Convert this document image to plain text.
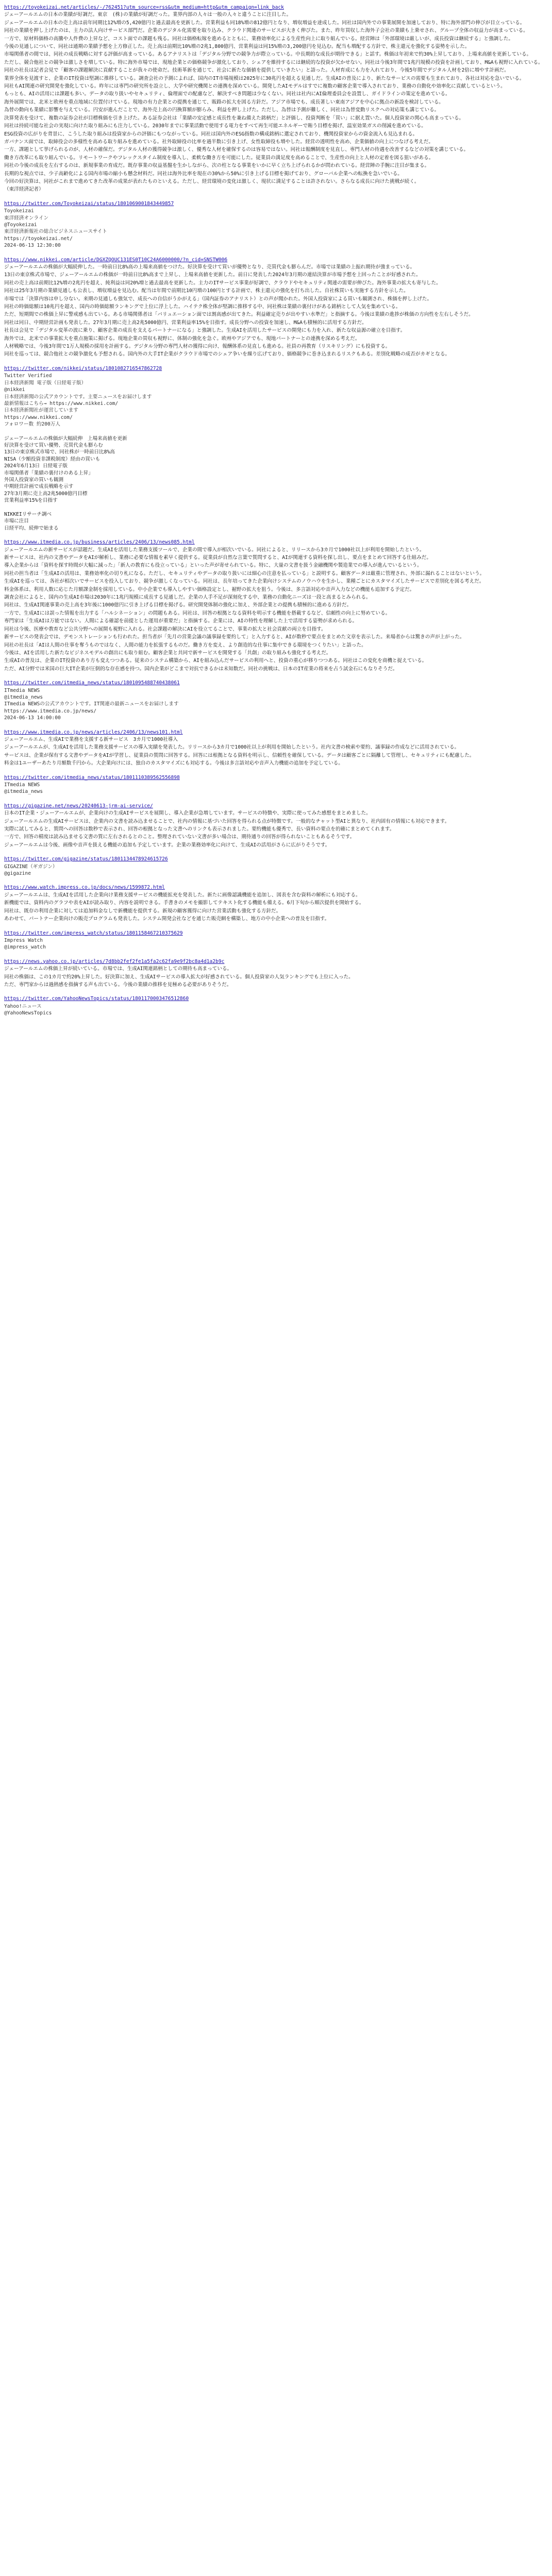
https://toyokeizai.net/articles/-/762451?utm_source=rss&utm_medium=http&utm_campaign=link_back
ジェーアールエムの日本の業績が好調だ。東京　(株)の業績が好調だった。業界内部の人々は一般の人々と違うことに注目した。
ジェーアールエムの日本の売上高は前年同期比12%増の5,420億円と過去最高を更新した。営業利益も同18%増の812億円となり、増収増益を達成した。同社は国内外での事業展開を加速しており、特に海外部門の伸びが目立っている。
同社の業績を押し上げたのは、主力の法人向けサービス部門だ。企業のデジタル化需要を取り込み、クラウド関連のサービスが大きく伸びた。また、昨年買収した海外子会社の業績も上乗せされ、グループ全体の収益力が高まっている。
一方で、原材料価格の高騰や人件費の上昇など、コスト面での課題も残る。同社は価格転嫁を進めるとともに、業務効率化による生産性向上に取り組んでいる。経営陣は「外部環境は厳しいが、成長投資は継続する」と強調した。
今後の見通しについて、同社は通期の業績予想を上方修正した。売上高は前期比10%増の2兆1,800億円、営業利益は同15%増の3,200億円を見込む。配当も増配する方針で、株主還元を強化する姿勢を示した。
市場関係者の間では、同社の成長戦略に対する評価が高まっている。あるアナリストは「デジタル分野での競争力が際立っている。中長期的な成長が期待できる」と話す。株価は年初来で約30%上昇しており、上場来高値を更新している。
ただし、競合他社との競争は激しさを増している。特に海外市場では、現地企業との価格競争が激化しており、シェアを維持するには継続的な投資が欠かせない。同社は今後3年間で1兆円規模の投資を計画しており、M&Aも視野に入れている。
同社の社長は記者会見で「顧客の課題解決に貢献することが我々の使命だ。技術革新を通じて、社会に新たな価値を提供していきたい」と語った。人材育成にも力を入れており、今後5年間でデジタル人材を2倍に増やす計画だ。
業界全体を見渡すと、企業のIT投資は堅調に推移している。調査会社の予測によれば、国内のIT市場規模は2025年に30兆円を超える見通しだ。生成AIの普及により、新たなサービスの需要も生まれており、各社は対応を急いでいる。
同社もAI関連の研究開発を強化している。昨年には専門の研究所を設立し、大学や研究機関との連携を深めている。開発したAIモデルはすでに複数の顧客企業で導入されており、業務の自動化や効率化に貢献しているという。
もっとも、AIの活用には課題も多い。データの取り扱いやセキュリティ、倫理面での配慮など、解決すべき問題は少なくない。同社は社内にAI倫理委員会を設置し、ガイドラインの策定を進めている。
海外展開では、北米と欧州を重点地域に位置付けている。現地の有力企業との提携を通じて、販路の拡大を図る方針だ。アジア市場でも、成長著しい東南アジアを中心に拠点の新設を検討している。
為替の動向も業績に影響を与えている。円安が進んだことで、海外売上高の円換算額が膨らみ、利益を押し上げた。ただし、為替は予測が難しく、同社は為替変動リスクへの対応策も講じている。
決算発表を受けて、複数の証券会社が目標株価を引き上げた。ある証券会社は「業績の安定感と成長性を兼ね備えた銘柄だ」と評価し、投資判断を「買い」に据え置いた。個人投資家の関心も高まっている。
同社は持続可能な社会の実現に向けた取り組みにも注力している。2030年までに事業活動で使用する電力をすべて再生可能エネルギーで賄う目標を掲げ、温室効果ガスの削減を進めている。
ESG投資の広がりを背景に、こうした取り組みは投資家からの評価にもつながっている。同社は国内外のESG指数の構成銘柄に選定されており、機関投資家からの資金流入も見込まれる。
ガバナンス面では、取締役会の多様性を高める取り組みを進めている。社外取締役の比率を過半数に引き上げ、女性取締役も増やした。経営の透明性を高め、企業価値の向上につなげる考えだ。
一方、課題として挙げられるのが、人材の確保だ。デジタル人材の獲得競争は激しく、優秀な人材を確保するのは容易ではない。同社は報酬制度を見直し、専門人材の待遇を改善するなどの対策を講じている。
働き方改革にも取り組んでいる。リモートワークやフレックスタイム制度を導入し、柔軟な働き方を可能にした。従業員の満足度を高めることで、生産性の向上と人材の定着を図る狙いがある。
同社の今後の成長を左右するのは、新規事業の育成だ。既存事業の収益基盤を生かしながら、次の柱となる事業をいかに早く立ち上げられるかが問われている。経営陣の手腕に注目が集まる。
長期的な視点では、少子高齢化による国内市場の縮小も懸念材料だ。同社は海外比率を現在の30%から50%に引き上げる目標を掲げており、グローバル企業への転換を急いでいる。
今回の好決算は、同社がこれまで進めてきた改革の成果が表れたものといえる。ただし、経営環境の変化は激しく、現状に満足することは許されない。さらなる成長に向けた挑戦が続く。
（東洋経済記者）
https://twitter.com/Toyokeizai/status/1801069001843449857
Toyokeizai
東洋経済オンライン
@Toyokeizai
東洋経済新報社の総合ビジネスニュースサイト
https://toyokeizai.net/
2024-06-13 12:30:00
https://www.nikkei.com/article/DGXZQOUC131ES0T10C24A6000000/?n_cid=SNSTW006
ジェーアールエムの株価が大幅続伸した。一時前日比8%高の上場来高値をつけた。好決算を受けて買いが優勢となり、売買代金も膨らんだ。市場では業績の上振れ期待が強まっている。
13日の東京株式市場で、ジェーアールエムの株価が一時前日比8%高まで上昇し、上場来高値を更新した。前日に発表した2024年3月期の連結決算が市場予想を上回ったことが好感された。
同社の売上高は前期比12%増の2兆円を超え、純利益は同20%増と過去最高を更新した。主力のITサービス事業が好調で、クラウドやセキュリティ関連の需要が伸びた。海外事業の拡大も寄与した。
同社は25年3月期の業績見通しも公表し、増収増益を見込む。配当は年間で前期比10円増の100円とする計画で、株主還元の強化を打ち出した。自社株買いも実施する方針を示した。
市場では「決算内容は申し分ない。来期の見通しも強気で、成長への自信がうかがえる」（国内証券のアナリスト）との声が聞かれた。外国人投資家による買いも観測され、株価を押し上げた。
同社の時価総額は10兆円を超え、国内の時価総額ランキングで上位に浮上した。ハイテク株全体が堅調に推移する中、同社株は業績の裏付けがある銘柄として人気を集めている。
ただ、短期間での株価上昇に警戒感も出ている。ある市場関係者は「バリュエーション面では割高感が出てきた。利益確定売りが出やすい水準だ」と指摘する。今後は業績の進捗が株価の方向性を左右しそうだ。
同社は同日、中期経営計画も発表した。27年3月期に売上高2兆5000億円、営業利益率15%を目指す。成長分野への投資を加速し、M&Aも積極的に活用する方針だ。
社長は会見で「デジタル変革の波に乗り、顧客企業の成長を支えるパートナーになる」と強調した。生成AIを活用したサービスの開発にも力を入れ、新たな収益源の確立を目指す。
海外では、北米での事業拡大を重点施策に掲げる。現地企業の買収も視野に、体制の強化を急ぐ。欧州やアジアでも、現地パートナーとの連携を深める考えだ。
人材戦略では、今後3年間で1万人規模の採用を計画する。デジタル分野の専門人材の獲得に向け、報酬体系の見直しも進める。社員の再教育（リスキリング）にも投資する。
同社を巡っては、競合他社との競争激化も予想される。国内外の大手IT企業がクラウド市場でのシェア争いを繰り広げており、価格競争に巻き込まれるリスクもある。差別化戦略の成否がカギとなる。
https://twitter.com/nikkei/status/1801082716547862728
Twitter Verified
日本経済新聞 電子版（日経電子版）
@nikkei
日本経済新聞の公式アカウントです。主要ニュースをお届けします
最新情報はこちら→ https://www.nikkei.com/
日本経済新聞社が運営しています
https://www.nikkei.com/
フォロワー数 約200万人
ジェーアールエムの株価が大幅続伸　上場来高値を更新
好決算を受けて買い優勢、売買代金も膨らむ
13日の東京株式市場で、同社株が一時前日比8%高
NISA（少額投資非課税制度）経由の買いも
2024年6月13日 日経電子版
市場関係者「業績の裏付けのある上昇」
外国人投資家の買いも観測
中期経営計画で成長戦略を示す
27年3月期に売上高2兆5000億円目標
営業利益率15%を目指す

NIKKEIリサーチ調べ
市場に注目
日経平均、続伸で始まる
https://www.itmedia.co.jp/business/articles/2406/13/news085.html
ジェーアールエムの新サービスが話題だ。生成AIを活用した業務支援ツールで、企業の間で導入が相次いでいる。同社によると、リリースから3カ月で1000社以上が利用を開始したという。
新サービスは、社内の文書やデータをAIが解析し、業務に必要な情報を素早く提供する。従業員が自然な言葉で質問すると、AIが関連する資料を探し出し、要点をまとめて回答する仕組みだ。
導入企業からは「資料を探す時間が大幅に減った」「新人の教育にも役立っている」といった声が寄せられている。特に、大量の文書を扱う金融機関や製造業での導入が進んでいるという。
同社の担当者は「生成AIの活用は、業務効率化の切り札になる。ただし、セキュリティやデータの取り扱いには細心の注意を払っている」と説明する。顧客データは厳重に管理され、外部に漏れることはないという。
生成AIを巡っては、各社が相次いでサービスを投入しており、競争が激しくなっている。同社は、長年培ってきた企業向けシステムのノウハウを生かし、業種ごとにカスタマイズしたサービスで差別化を図る考えだ。
料金体系は、利用人数に応じた月額課金制を採用している。中小企業でも導入しやすい価格設定とし、裾野の拡大を狙う。今後は、多言語対応や音声入力などの機能も追加する予定だ。
調査会社によると、国内の生成AI市場は2030年に1兆円規模に成長する見通しだ。企業の人手不足が深刻化する中、業務の自動化ニーズは一段と高まるとみられる。
同社は、生成AI関連事業の売上高を3年後に1000億円に引き上げる目標を掲げる。研究開発体制の強化に加え、外部企業との提携も積極的に進める方針だ。
一方で、生成AIには誤った情報を出力する「ハルシネーション」の問題もある。同社は、回答の根拠となる資料を明示する機能を搭載するなど、信頼性の向上に努めている。
専門家は「生成AIは万能ではない。人間による確認を前提とした運用が重要だ」と指摘する。企業には、AIの特性を理解した上で活用する姿勢が求められる。
同社は今後、医療や教育など公共分野への展開も視野に入れる。社会課題の解決にAIを役立てることで、事業の拡大と社会貢献の両立を目指す。
新サービスの発表会では、デモンストレーションも行われた。担当者が「先月の営業会議の議事録を要約して」と入力すると、AIが数秒で要点をまとめた文章を表示した。来場者からは驚きの声が上がった。
同社の社長は「AIは人間の仕事を奪うものではなく、人間の能力を拡張するものだ。働き方を変え、より創造的な仕事に集中できる環境をつくりたい」と語った。
今後は、AIを活用した新たなビジネスモデルの創出にも取り組む。顧客企業と共同で新サービスを開発する「共創」の取り組みも強化する考えだ。
生成AIの普及は、企業のIT投資のあり方も変えつつある。従来のシステム構築から、AIを組み込んだサービスの利用へと、投資の重心が移りつつある。同社はこの変化を商機と捉えている。
ただ、AI分野では米国の巨大IT企業が圧倒的な存在感を持つ。国内企業がどこまで対抗できるかは未知数だ。同社の挑戦は、日本のIT産業の将来を占う試金石にもなりそうだ。
https://twitter.com/itmedia_news/status/1801095488740438061
ITmedia NEWS
@itmedia_news
ITmedia NEWSの公式アカウントです。IT関連の最新ニュースをお届けします
https://www.itmedia.co.jp/news/
2024-06-13 14:00:00
https://www.itmedia.co.jp/news/articles/2406/13/news101.html
ジェーアールエム、生成AIで業務を支援する新サービス　3カ月で1000社導入
ジェーアールエムが、生成AIを活用した業務支援サービスの導入実績を発表した。リリースから3カ月で1000社以上が利用を開始したという。社内文書の検索や要約、議事録の作成などに活用されている。
サービスは、企業が保有する文書やデータをAIが学習し、従業員の質問に回答する。回答には根拠となる資料を明示し、信頼性を確保している。データは顧客ごとに隔離して管理し、セキュリティにも配慮した。
料金は1ユーザーあたり月額数千円から。大企業向けには、独自のカスタマイズにも対応する。今後は多言語対応や音声入力機能の追加を予定している。
https://twitter.com/itmedia_news/status/1801110389562556898
ITmedia NEWS
@itmedia_news
https://gigazine.net/news/20240613-jrm-ai-service/
日本のIT企業・ジェーアールエムが、企業向けの生成AIサービスを展開し、導入企業が急増しています。サービスの特徴や、実際に使ってみた感想をまとめました。
ジェーアールエムの生成AIサービスは、企業内の文書を読み込ませることで、社内の情報に基づいた回答を得られる点が特徴です。一般的なチャット型AIと異なり、社内固有の情報にも対応できます。
実際に試してみると、質問への回答は数秒で表示され、回答の根拠となった文書へのリンクも表示されました。要約機能も優秀で、長い資料の要点を的確にまとめてくれます。
一方で、回答の精度は読み込ませる文書の質に左右されるとのこと。整理されていない文書が多い場合は、期待通りの回答が得られないこともあるそうです。
ジェーアールエムは今後、画像や音声を扱える機能の追加も予定しています。企業の業務効率化に向けて、生成AIの活用がさらに広がりそうです。
https://twitter.com/gigazine/status/1801134478924615726
GIGAZINE（ギガジン）
@gigazine
https://www.watch.impress.co.jp/docs/news/1599872.html
ジェーアールエムは、生成AIを活用した企業向け業務支援サービスの機能拡充を発表した。新たに画像認識機能を追加し、図表を含む資料の解析にも対応する。
新機能では、資料内のグラフや表をAIが読み取り、内容を説明できる。手書きのメモを撮影してテキスト化する機能も備える。6月下旬から順次提供を開始する。
同社は、既存の利用企業に対しては追加料金なしで新機能を提供する。新規の顧客獲得に向けた営業活動も強化する方針だ。
あわせて、パートナー企業向けの販売プログラムも発表した。システム開発会社などを通じた販売網を構築し、地方の中小企業への普及を目指す。
https://twitter.com/impress_watch/status/1801158467210375629
Impress Watch
@impress_watch
https://news.yahoo.co.jp/articles/7d8bb2fef2fe1a5fa2c62fa9e9f2bc8a4d1a2b9c
ジェーアールエムの株価上昇が続いている。市場では、生成AI関連銘柄としての期待も高まっている。
同社の株価は、この1カ月で約20%上昇した。好決算に加え、生成AIサービスの導入拡大が好感されている。個人投資家の人気ランキングでも上位に入った。
ただ、専門家からは過熱感を指摘する声も出ている。今後の業績の推移を見極める必要がありそうだ。
https://twitter.com/YahooNewsTopics/status/1801170003476512860
Yahoo!ニュース
@YahooNewsTopics
